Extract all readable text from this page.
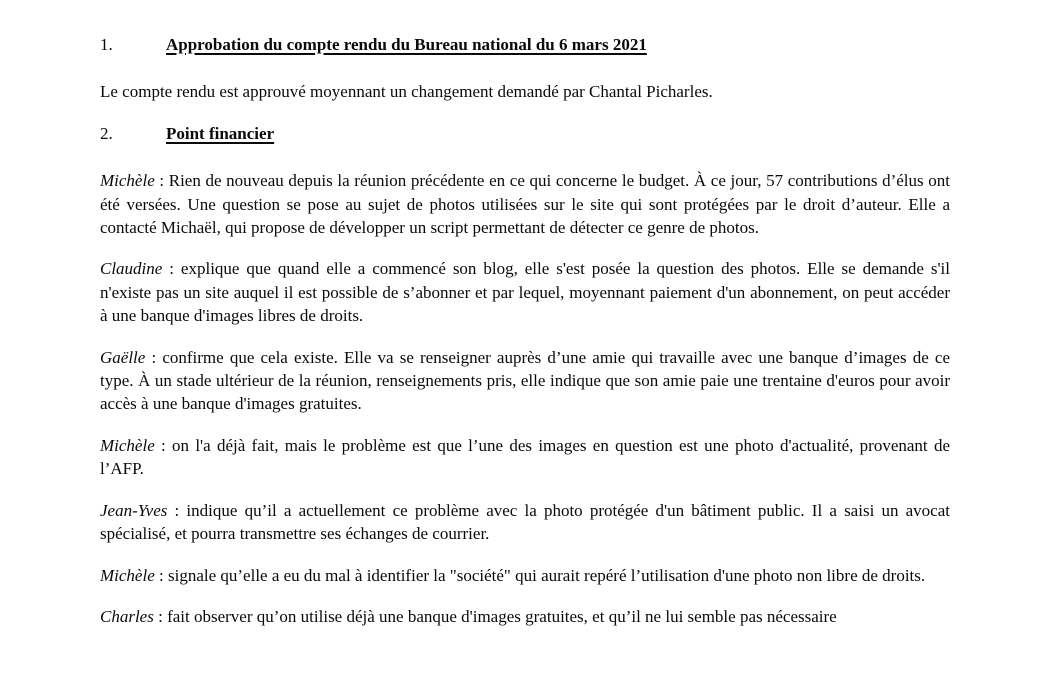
1.	Approbation du compte rendu du Bureau national du 6 mars 2021

Le compte rendu est approuvé moyennant un changement demandé par Chantal Picharles.

2.	Point financier

Michèle : Rien de nouveau depuis la réunion précédente en ce qui concerne le budget. À ce jour, 57 contributions d’élus ont été versées. Une question se pose au sujet de photos utilisées sur le site qui sont protégées par le droit d’auteur. Elle a contacté Michaël, qui propose de développer un script permettant de détecter ce genre de photos.

Claudine : explique que quand elle a commencé son blog, elle s'est posée la question des photos. Elle se demande s'il n'existe pas un site auquel il est possible de s’abonner et par lequel, moyennant paiement d'un abonnement, on peut accéder à une banque d'images libres de droits.

Gaëlle : confirme que cela existe. Elle va se renseigner auprès d’une amie qui travaille avec une banque d’images de ce type. À un stade ultérieur de la réunion, renseignements pris, elle indique que son amie paie une trentaine d'euros pour avoir accès à une banque d'images gratuites.

Michèle : on l'a déjà fait, mais le problème est que l’une des images en question est une photo d'actualité, provenant de l’AFP.

Jean-Yves : indique qu’il a actuellement ce problème avec la photo protégée d'un bâtiment public. Il a saisi un avocat spécialisé, et pourra transmettre ses échanges de courrier.

Michèle : signale qu’elle a eu du mal à identifier la "société" qui aurait repéré l’utilisation d'une photo non libre de droits.

Charles : fait observer qu’on utilise déjà une banque d'images gratuites, et qu’il ne lui semble pas nécessaire
